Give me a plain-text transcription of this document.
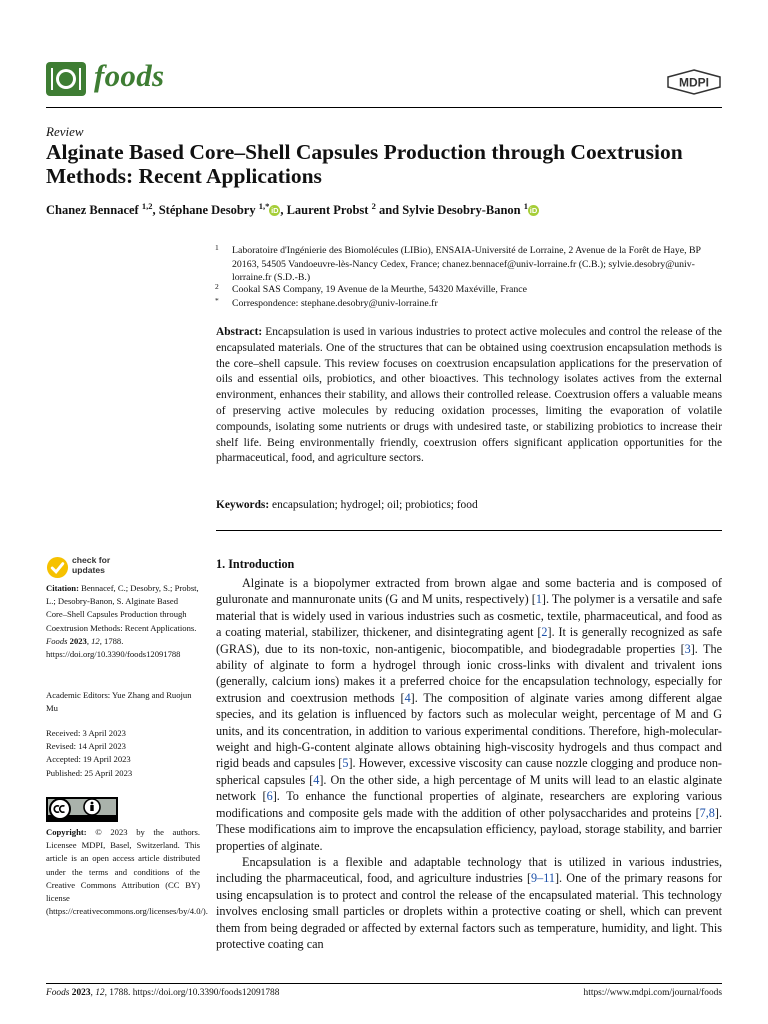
foods	MDPI
Review
Alginate Based Core–Shell Capsules Production through Coextrusion Methods: Recent Applications
Chanez Bennacef $^{1,2}$, Stéphane Desobry $^{1,*}$ iD , Laurent Probst $^2$ and Sylvie Desobry-Banon $^1$ iD
1 Laboratoire d'Ingénierie des Biomolécules (LIBio), ENSAIA-Université de Lorraine, 2 Avenue de la Forêt de Haye, BP 20163, 54505 Vandoeuvre-lès-Nancy Cedex, France; chanez.bennacef@univ-lorraine.fr (C.B.); sylvie.desobry@univ-lorraine.fr (S.D.-B.)
2 Cookal SAS Company, 19 Avenue de la Meurthe, 54320 Maxéville, France
* Correspondence: stephane.desobry@univ-lorraine.fr

Abstract: Encapsulation is used in various industries to protect active molecules and control the release of the encapsulated materials. One of the structures that can be obtained using coextrusion encapsulation methods is the core–shell capsule. This review focuses on coextrusion encapsulation applications for the preservation of oils and essential oils, probiotics, and other bioactives. This technology isolates actives from the external environment, enhances their stability, and allows their controlled release. Coextrusion offers a valuable means of preserving active molecules by reducing oxidation processes, limiting the evaporation of volatile compounds, isolating some nutrients or drugs with undesired taste, or stabilizing probiotics to increase their shelf life. Being environmentally friendly, coextrusion offers significant application opportunities for the pharmaceutical, food, and agriculture sectors.

Keywords: encapsulation; hydrogel; oil; probiotics; food

check for
updates

Citation: Bennacef, C.; Desobry, S.; Probst, L.; Desobry-Banon, S. Alginate Based Core–Shell Capsules Production through Coextrusion Methods: Recent Applications. Foods 2023, 12, 1788. https://doi.org/10.3390/foods12091788

Academic Editors: Yue Zhang and Ruojun Mu

Received: 3 April 2023
Revised: 14 April 2023
Accepted: 19 April 2023
Published: 25 April 2023

Copyright: © 2023 by the authors. Licensee MDPI, Basel, Switzerland. This article is an open access article distributed under the terms and conditions of the Creative Commons Attribution (CC BY) license (https://creativecommons.org/licenses/by/4.0/).

1. Introduction

Alginate is a biopolymer extracted from brown algae and some bacteria and is composed of guluronate and mannuronate units (G and M units, respectively) [1]. The polymer is a versatile and safe material that is widely used in various industries such as cosmetic, textile, pharmaceutical, and food as a coating material, stabilizer, thickener, and disintegrating agent [2]. It is generally recognized as safe (GRAS), due to its non-toxic, non-antigenic, biocompatible, and biodegradable properties [3]. The ability of alginate to form a hydrogel through ionic cross-links with divalent and trivalent ions (generally, calcium ions) makes it a preferred choice for the encapsulation technology, especially for extrusion and coextrusion methods [4]. The composition of alginate varies among different algae species, and its gelation is influenced by factors such as molecular weight, percentage of M and G units, and its concentration, in addition to various experimental conditions. Therefore, high-molecular-weight and high-G-content alginate allows obtaining high-viscosity hydrogels and thus compact and rigid beads and capsules [5]. However, excessive viscosity can cause nozzle clogging and produce non-spherical capsules [4]. On the other side, a high percentage of M units will lead to an elastic alginate network [6]. To enhance the functional properties of alginate, researchers are exploring various modifications and composite gels made with the addition of other polysaccharides and proteins [7,8]. These modifications aim to improve the encapsulation efficiency, payload, storage stability, and barrier properties of alginate.

Encapsulation is a flexible and adaptable technology that is utilized in various industries, including the pharmaceutical, food, and agriculture industries [9–11]. One of the primary reasons for using encapsulation is to protect and control the release of the encapsulated material. This technology involves enclosing small particles or droplets within a protective coating or shell, which can prevent them from being degraded or affected by external factors such as temperature, humidity, and light. This protective coating can

Foods 2023, 12, 1788. https://doi.org/10.3390/foods12091788	https://www.mdpi.com/journal/foods
